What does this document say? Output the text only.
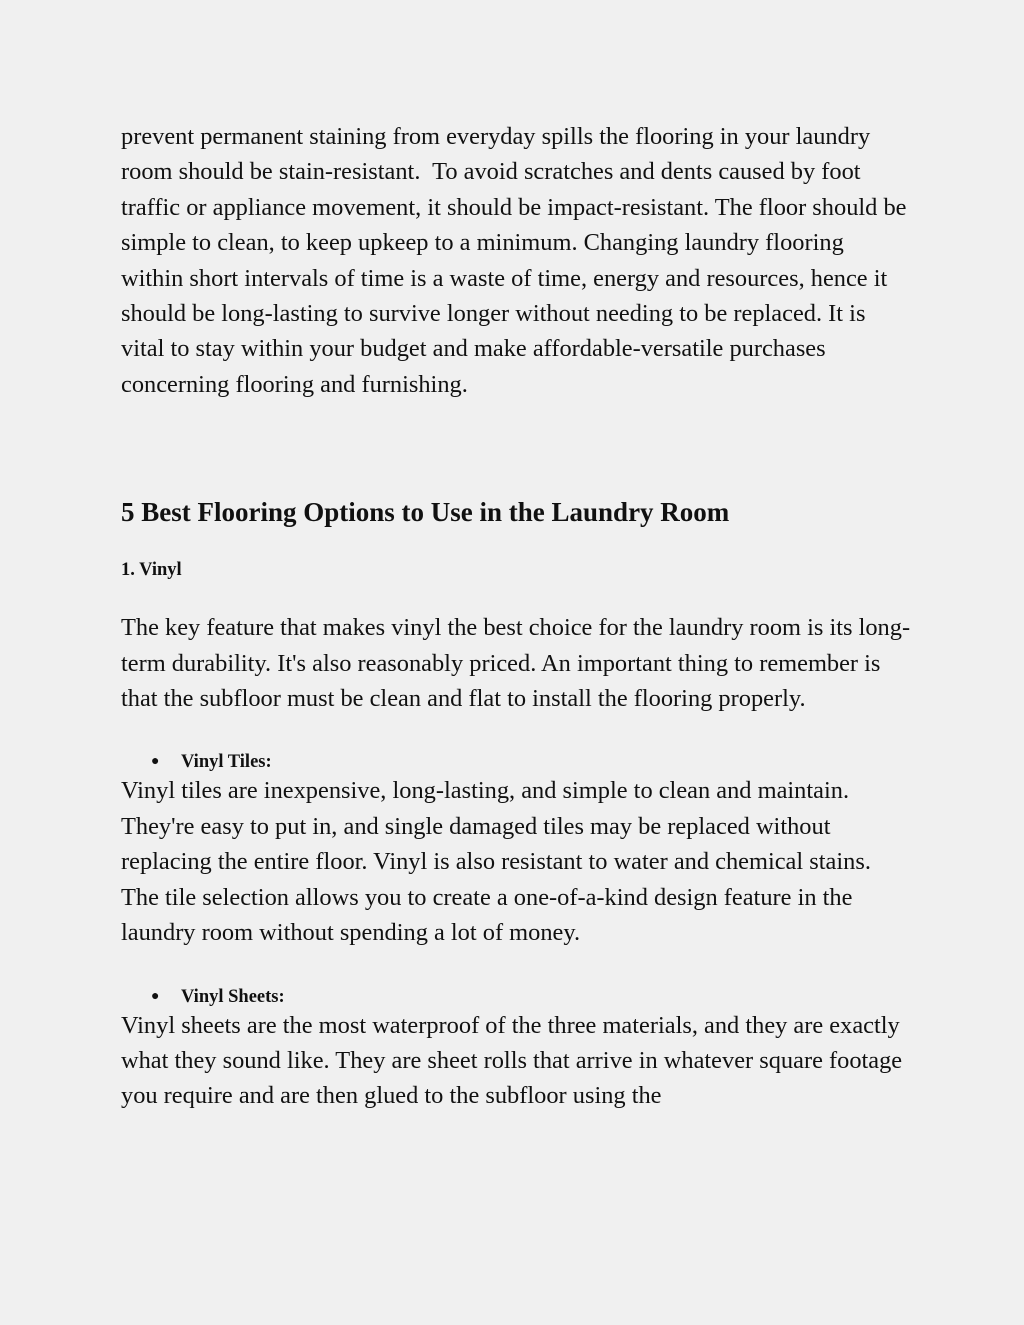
prevent permanent staining from everyday spills the flooring in your laundry room should be stain-resistant.  To avoid scratches and dents caused by foot traffic or appliance movement, it should be impact-resistant. The floor should be simple to clean, to keep upkeep to a minimum. Changing laundry flooring within short intervals of time is a waste of time, energy and resources, hence it should be long-lasting to survive longer without needing to be replaced. It is vital to stay within your budget and make affordable-versatile purchases concerning flooring and furnishing.

5 Best Flooring Options to Use in the Laundry Room
1. Vinyl

The key feature that makes vinyl the best choice for the laundry room is its long-term durability. It's also reasonably priced. An important thing to remember is that the subfloor must be clean and flat to install the flooring properly.

●	Vinyl Tiles:

Vinyl tiles are inexpensive, long-lasting, and simple to clean and maintain. They're easy to put in, and single damaged tiles may be replaced without replacing the entire floor. Vinyl is also resistant to water and chemical stains. The tile selection allows you to create a one-of-a-kind design feature in the laundry room without spending a lot of money.

●	Vinyl Sheets:

Vinyl sheets are the most waterproof of the three materials, and they are exactly what they sound like. They are sheet rolls that arrive in whatever square footage you require and are then glued to the subfloor using the
